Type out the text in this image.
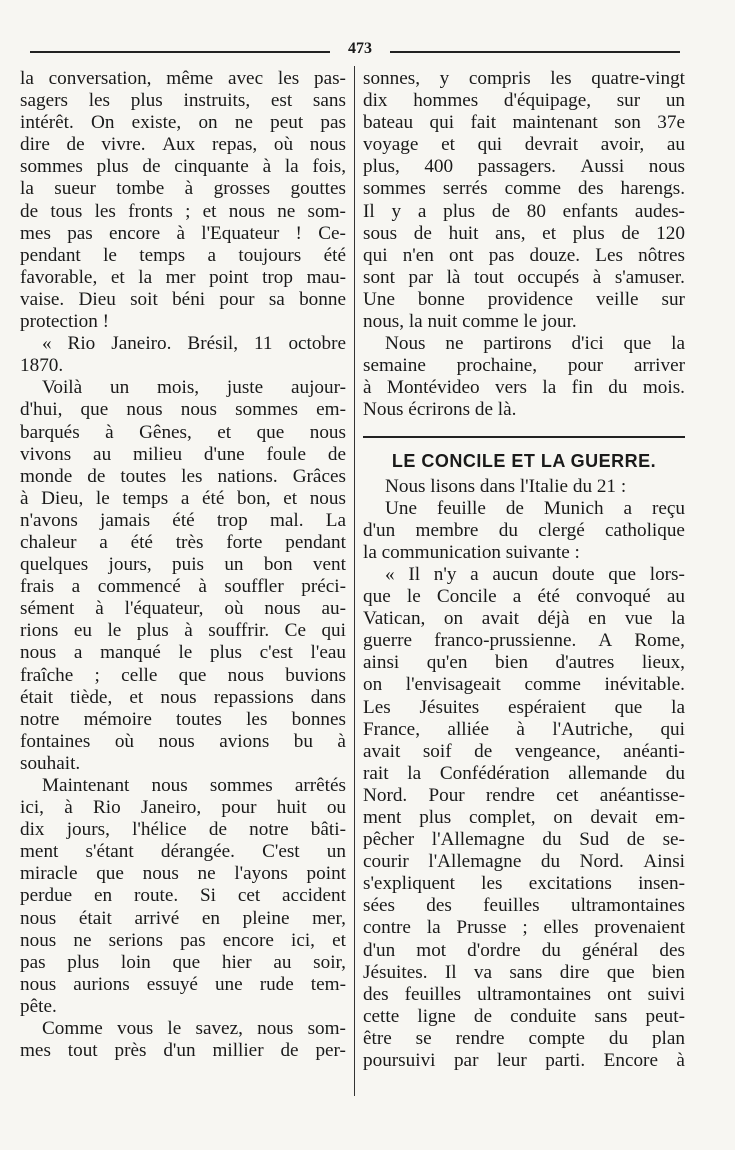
473
la conversation, même avec les pas-
sagers les plus instruits, est sans
intérêt. On existe, on ne peut pas
dire de vivre. Aux repas, où nous
sommes plus de cinquante à la fois,
la sueur tombe à grosses gouttes
de tous les fronts ; et nous ne som-
mes pas encore à l'Equateur ! Ce-
pendant le temps a toujours été
favorable, et la mer point trop mau-
vaise. Dieu soit béni pour sa bonne
protection !
« Rio Janeiro. Brésil, 11 octobre
1870.
Voilà un mois, juste aujour-
d'hui, que nous nous sommes em-
barqués à Gênes, et que nous
vivons au milieu d'une foule de
monde de toutes les nations. Grâces
à Dieu, le temps a été bon, et nous
n'avons jamais été trop mal. La
chaleur a été très forte pendant
quelques jours, puis un bon vent
frais a commencé à souffler préci-
sément à l'équateur, où nous au-
rions eu le plus à souffrir. Ce qui
nous a manqué le plus c'est l'eau
fraîche ; celle que nous buvions
était tiède, et nous repassions dans
notre mémoire toutes les bonnes
fontaines où nous avions bu à
souhait.
Maintenant nous sommes arrêtés
ici, à Rio Janeiro, pour huit ou
dix jours, l'hélice de notre bâti-
ment s'étant dérangée. C'est un
miracle que nous ne l'ayons point
perdue en route. Si cet accident
nous était arrivé en pleine mer,
nous ne serions pas encore ici, et
pas plus loin que hier au soir,
nous aurions essuyé une rude tem-
pête.
Comme vous le savez, nous som-
mes tout près d'un millier de per-
sonnes, y compris les quatre-vingt
dix hommes d'équipage, sur un
bateau qui fait maintenant son 37e
voyage et qui devrait avoir, au
plus, 400 passagers. Aussi nous
sommes serrés comme des harengs.
Il y a plus de 80 enfants audes-
sous de huit ans, et plus de 120
qui n'en ont pas douze. Les nôtres
sont par là tout occupés à s'amuser.
Une bonne providence veille sur
nous, la nuit comme le jour.
Nous ne partirons d'ici que la
semaine prochaine, pour arriver
à Montévideo vers la fin du mois.
Nous écrirons de là.
LE CONCILE ET LA GUERRE.
Nous lisons dans l'Italie du 21 :
Une feuille de Munich a reçu
d'un membre du clergé catholique
la communication suivante :
« Il n'y a aucun doute que lors-
que le Concile a été convoqué au
Vatican, on avait déjà en vue la
guerre franco-prussienne. A Rome,
ainsi qu'en bien d'autres lieux,
on l'envisageait comme inévitable.
Les Jésuites espéraient que la
France, alliée à l'Autriche, qui
avait soif de vengeance, anéanti-
rait la Confédération allemande du
Nord. Pour rendre cet anéantisse-
ment plus complet, on devait em-
pêcher l'Allemagne du Sud de se-
courir l'Allemagne du Nord. Ainsi
s'expliquent les excitations insen-
sées des feuilles ultramontaines
contre la Prusse ; elles provenaient
d'un mot d'ordre du général des
Jésuites. Il va sans dire que bien
des feuilles ultramontaines ont suivi
cette ligne de conduite sans peut-
être se rendre compte du plan
poursuivi par leur parti. Encore à
